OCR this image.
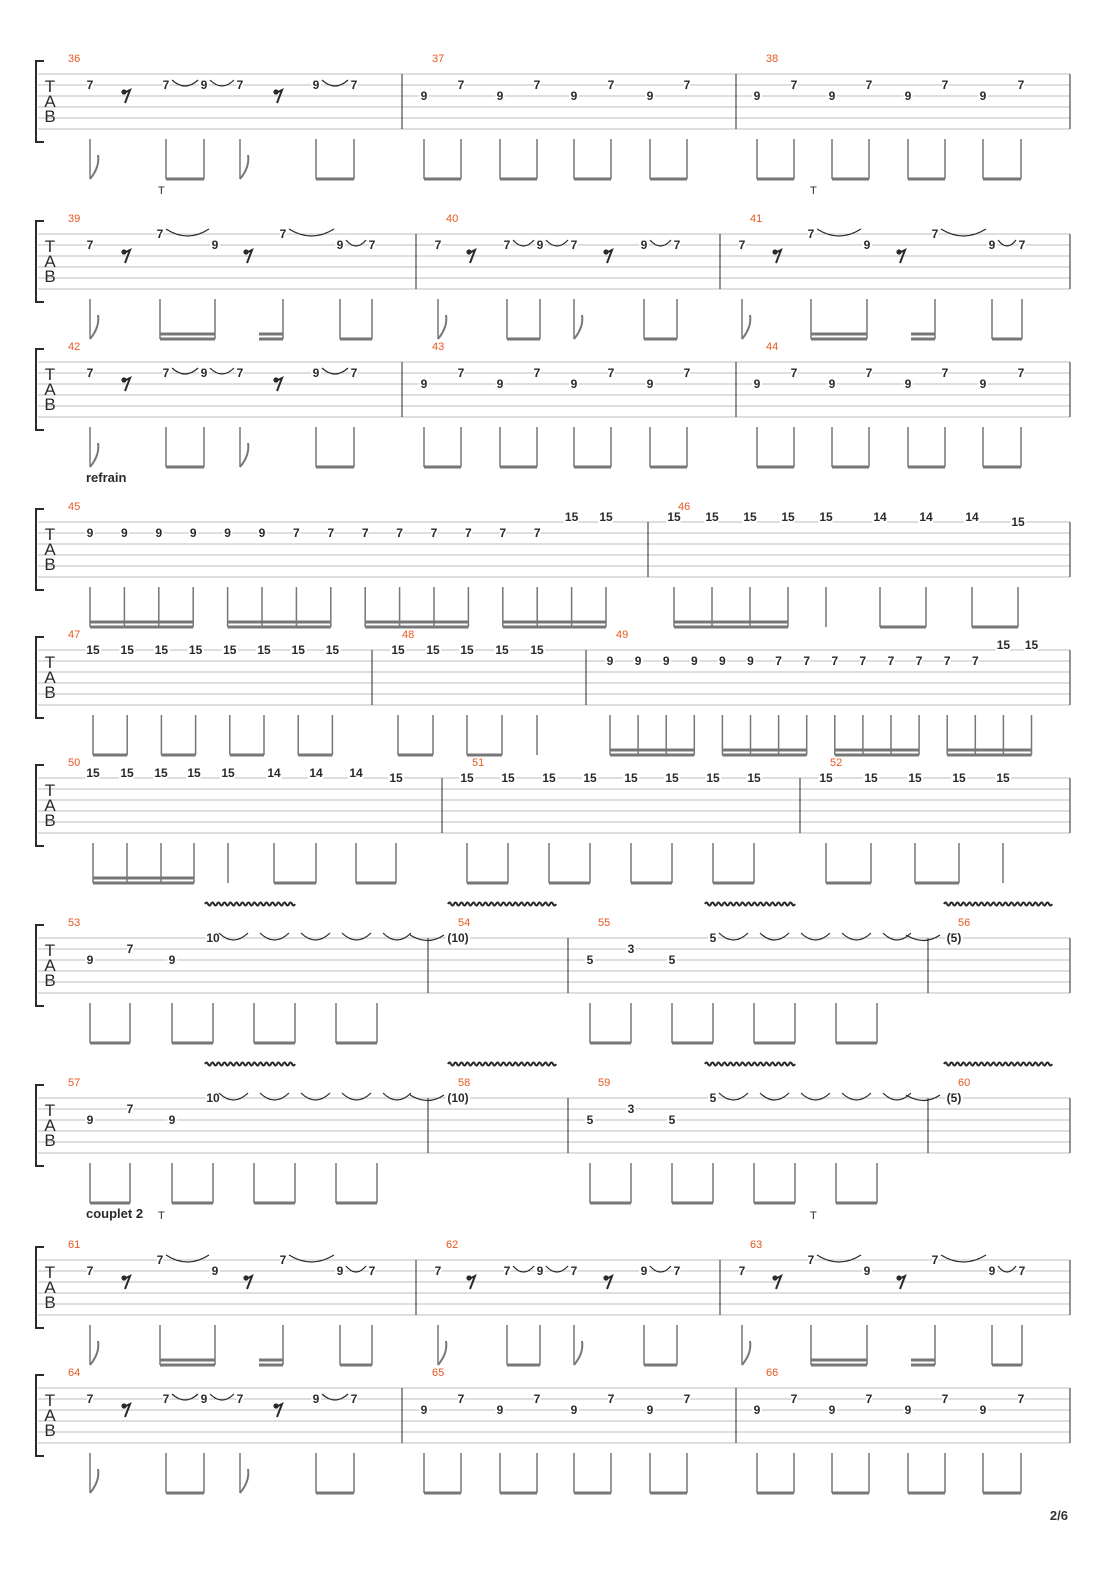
T
A
B
36
7	7	9 7	9	7
37
9
7
9
7
9
7
9
7
38
9
7
9
7
9
7
9
7
T	T
T
A
B
39
7
7
9
7
9 7
40
7	7 9 7	9 7
41
7
7
9
7
9 7
T
A
B
42
7	7	9 7	9	7
43
9
7
9
7
9
7
9
7
44
9
7
9
7
9
7
9
7
refrain
T
A
B
45
9 9 9 9 9 9 7 7 7 7 7 7 7 7
15 15
46
15 15 15 15 15	14	14	14	15
T
A
B
47
15 15 15 15 15 15 15 15
48
15 15 15 15 15
49
9 9 9 9 9 9 7 7 7 7 7 7 7 7
15 15
T
A
B
50
15 15 15 15 15	14 14 14 15
51
15 15 15 15 15 15 15 15
52
15	15	15	15	15
T
A
B
53
9
7
9
10
54
(10)
55
5
3
5
5
56
(5)
T
A
B
57
9
7
9
10
58
(10)
59
5
3
5
5
60
(5)
couplet 2 T	T
T
A
B
61
7
7
9
7
9 7
62
7	7 9 7	9 7
63
7
7
9
7
9 7
T
A
B
64
7	7	9 7	9	7
65
9
7
9
7
9
7
9
7
66
9
7
9
7
9
7
9
7
2/6
